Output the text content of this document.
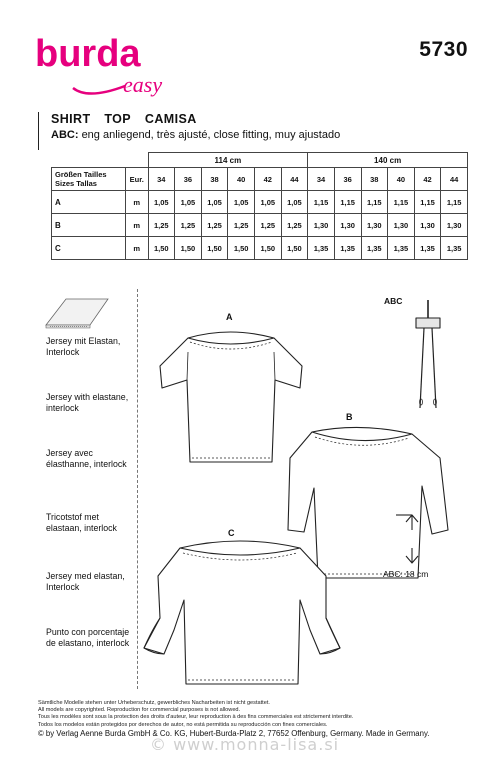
burda
easy
5730
SHIRT TOP CAMISA
ABC: eng anliegend, très ajusté, close fitting, muy ajustado
		114 cm						140 cm					

Größen Tailles
Sizes Tallas	Eur.	34	36	38	40	42	44	34	36	38	40	42	44
A	m	1,05	1,05	1,05	1,05	1,05	1,05	1,15	1,15	1,15	1,15	1,15	1,15
B	m	1,25	1,25	1,25	1,25	1,25	1,25	1,30	1,30	1,30	1,30	1,30	1,30
C	m	1,50	1,50	1,50	1,50	1,50	1,50	1,35	1,35	1,35	1,35	1,35	1,35
Jersey mit Elastan, Interlock
Jersey with elastane, interlock
Jersey avec élasthanne, interlock
Tricotstof met elastaan, interlock
Jersey med elastan, Interlock
Punto con porcentaje de elastano, interlock
A
B
C
ABC
ABC: 18 cm
Sämtliche Modelle stehen unter Urheberschutz, gewerbliches Nacharbeiten ist nicht gestattet.
All models are copyrighted. Reproduction for commercial purposes is not allowed.
Tous les modèles sont sous la protection des droits d'auteur, leur reproduction à des fins commerciales est strictement interdite.
Todos los modelos están protegidos por derechos de autor, no está permitida su reproducción con fines comerciales.
© by Verlag Aenne Burda GmbH & Co. KG, Hubert-Burda-Platz 2, 77652 Offenburg, Germany. Made in Germany.
© www.monna-lisa.si
